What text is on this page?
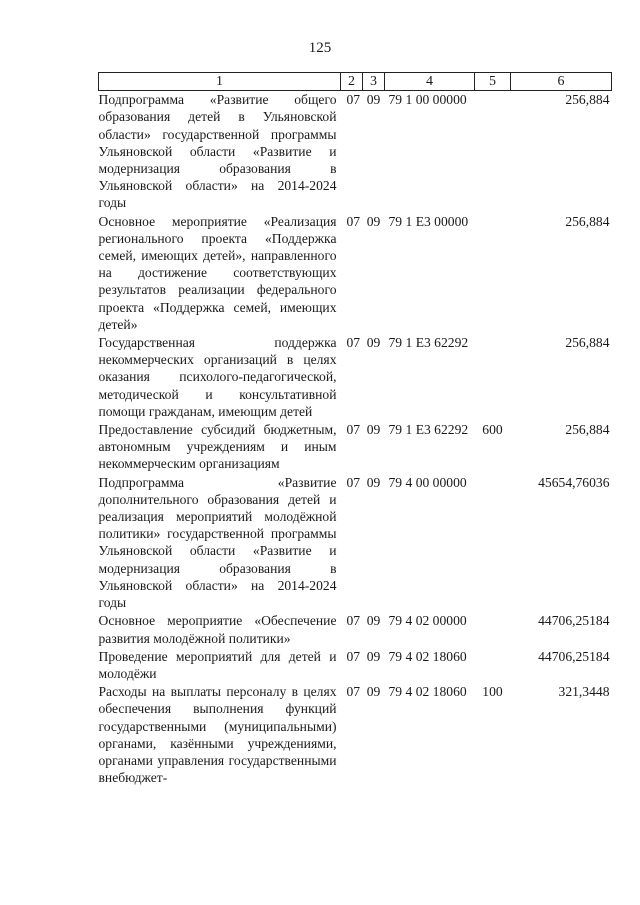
125
1	2	3	4	5	6
Подпрограмма «Развитие общего образования детей в Ульяновской области» государственной программы Ульяновской области «Развитие и модернизация образования в Ульяновской области» на 2014-2024 годы	07	09	79 1 00 00000		256,884
Основное мероприятие «Реализация регионального проекта «Поддержка семей, имеющих детей», направленного на достижение соответствующих результатов реализации федерального проекта «Поддержка семей, имеющих детей»	07	09	79 1 Е3 00000		256,884
Государственная поддержка некоммерческих организаций в целях оказания психолого-педагогической, методической и консультативной помощи гражданам, имеющим детей	07	09	79 1 Е3 62292		256,884
Предоставление субсидий бюджетным, автономным учреждениям и иным некоммерческим организациям	07	09	79 1 Е3 62292	600	256,884
Подпрограмма «Развитие дополнительного образования детей и реализация мероприятий молодёжной политики» государственной программы Ульяновской области «Развитие и модернизация образования в Ульяновской области» на 2014-2024 годы	07	09	79 4 00 00000		45654,76036
Основное мероприятие «Обеспечение развития молодёжной политики»	07	09	79 4 02 00000		44706,25184
Проведение мероприятий для детей и молодёжи	07	09	79 4 02 18060		44706,25184
Расходы на выплаты персоналу в целях обеспечения выполнения функций государственными (муниципальными) органами, казёнными учреждениями, органами управления государственными внебюджет-	07	09	79 4 02 18060	100	321,3448
